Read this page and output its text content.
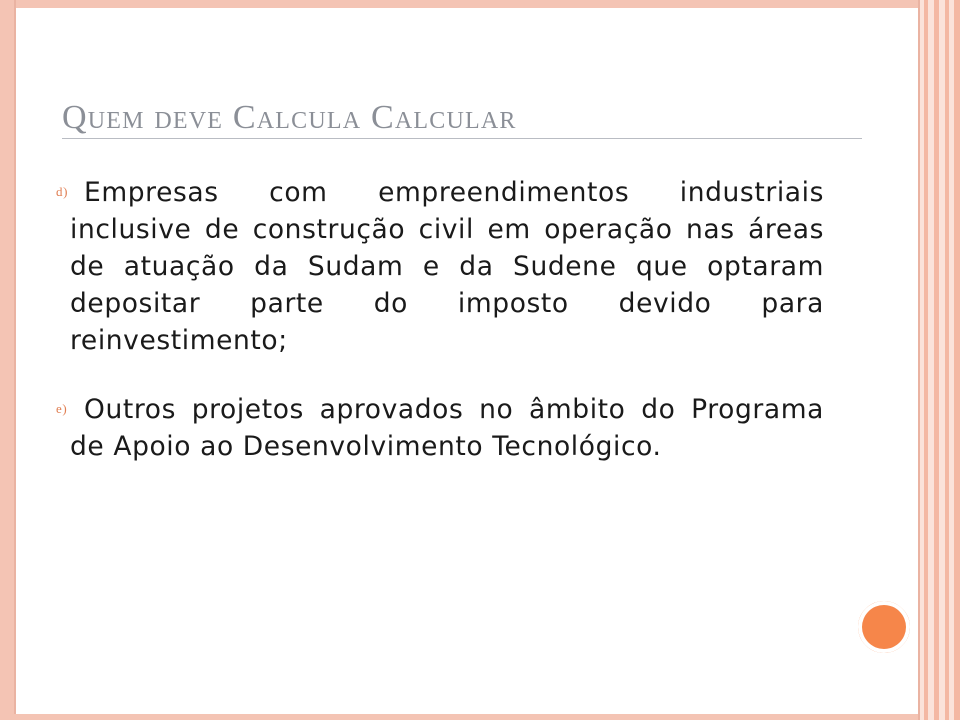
Quem deve Calcula Calcular

d) Empresas com empreendimentos industriais inclusive de construção civil em operação nas áreas de atuação da Sudam e da Sudene que optaram depositar parte do imposto devido para reinvestimento;

e) Outros projetos aprovados no âmbito do Programa de Apoio ao Desenvolvimento Tecnológico.
